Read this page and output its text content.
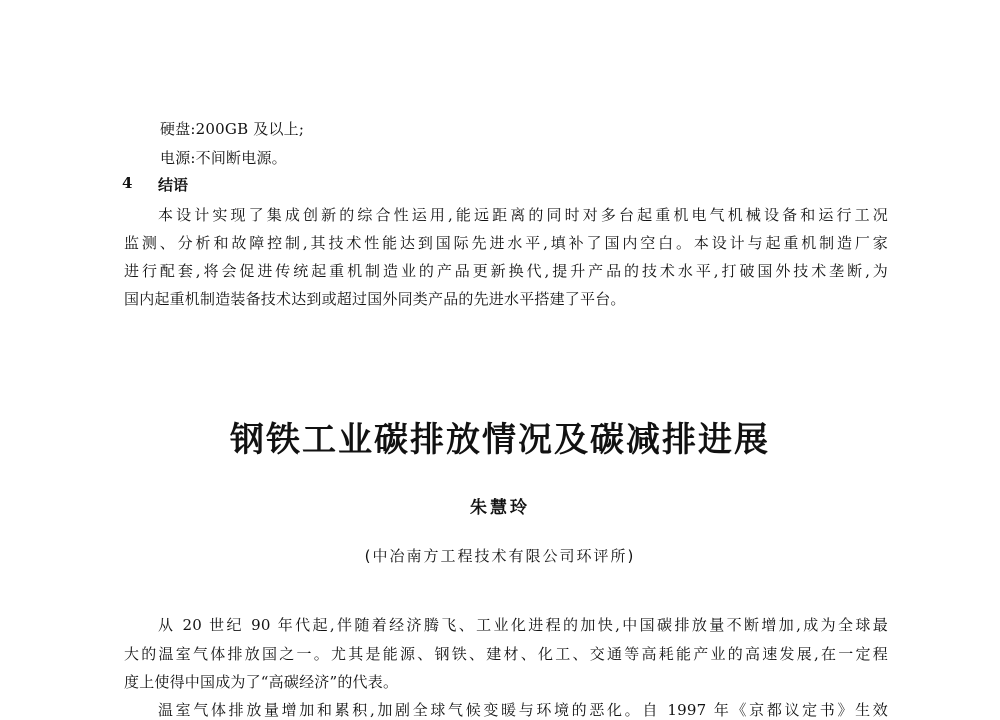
硬盘:200GB 及以上;
电源:不间断电源。
4 结语
本设计实现了集成创新的综合性运用,能远距离的同时对多台起重机电气机械设备和运行工况
监测、分析和故障控制,其技术性能达到国际先进水平,填补了国内空白。本设计与起重机制造厂家
进行配套,将会促进传统起重机制造业的产品更新换代,提升产品的技术水平,打破国外技术垄断,为
国内起重机制造装备技术达到或超过国外同类产品的先进水平搭建了平台。
钢铁工业碳排放情况及碳减排进展
朱慧玲
(中冶南方工程技术有限公司环评所)
从 20 世纪 90 年代起,伴随着经济腾飞、工业化进程的加快,中国碳排放量不断增加,成为全球最
大的温室气体排放国之一。尤其是能源、钢铁、建材、化工、交通等高耗能产业的高速发展,在一定程
度上使得中国成为了“高碳经济”的代表。
温室气体排放量增加和累积,加剧全球气候变暖与环境的恶化。自 1997 年《京都议定书》生效
